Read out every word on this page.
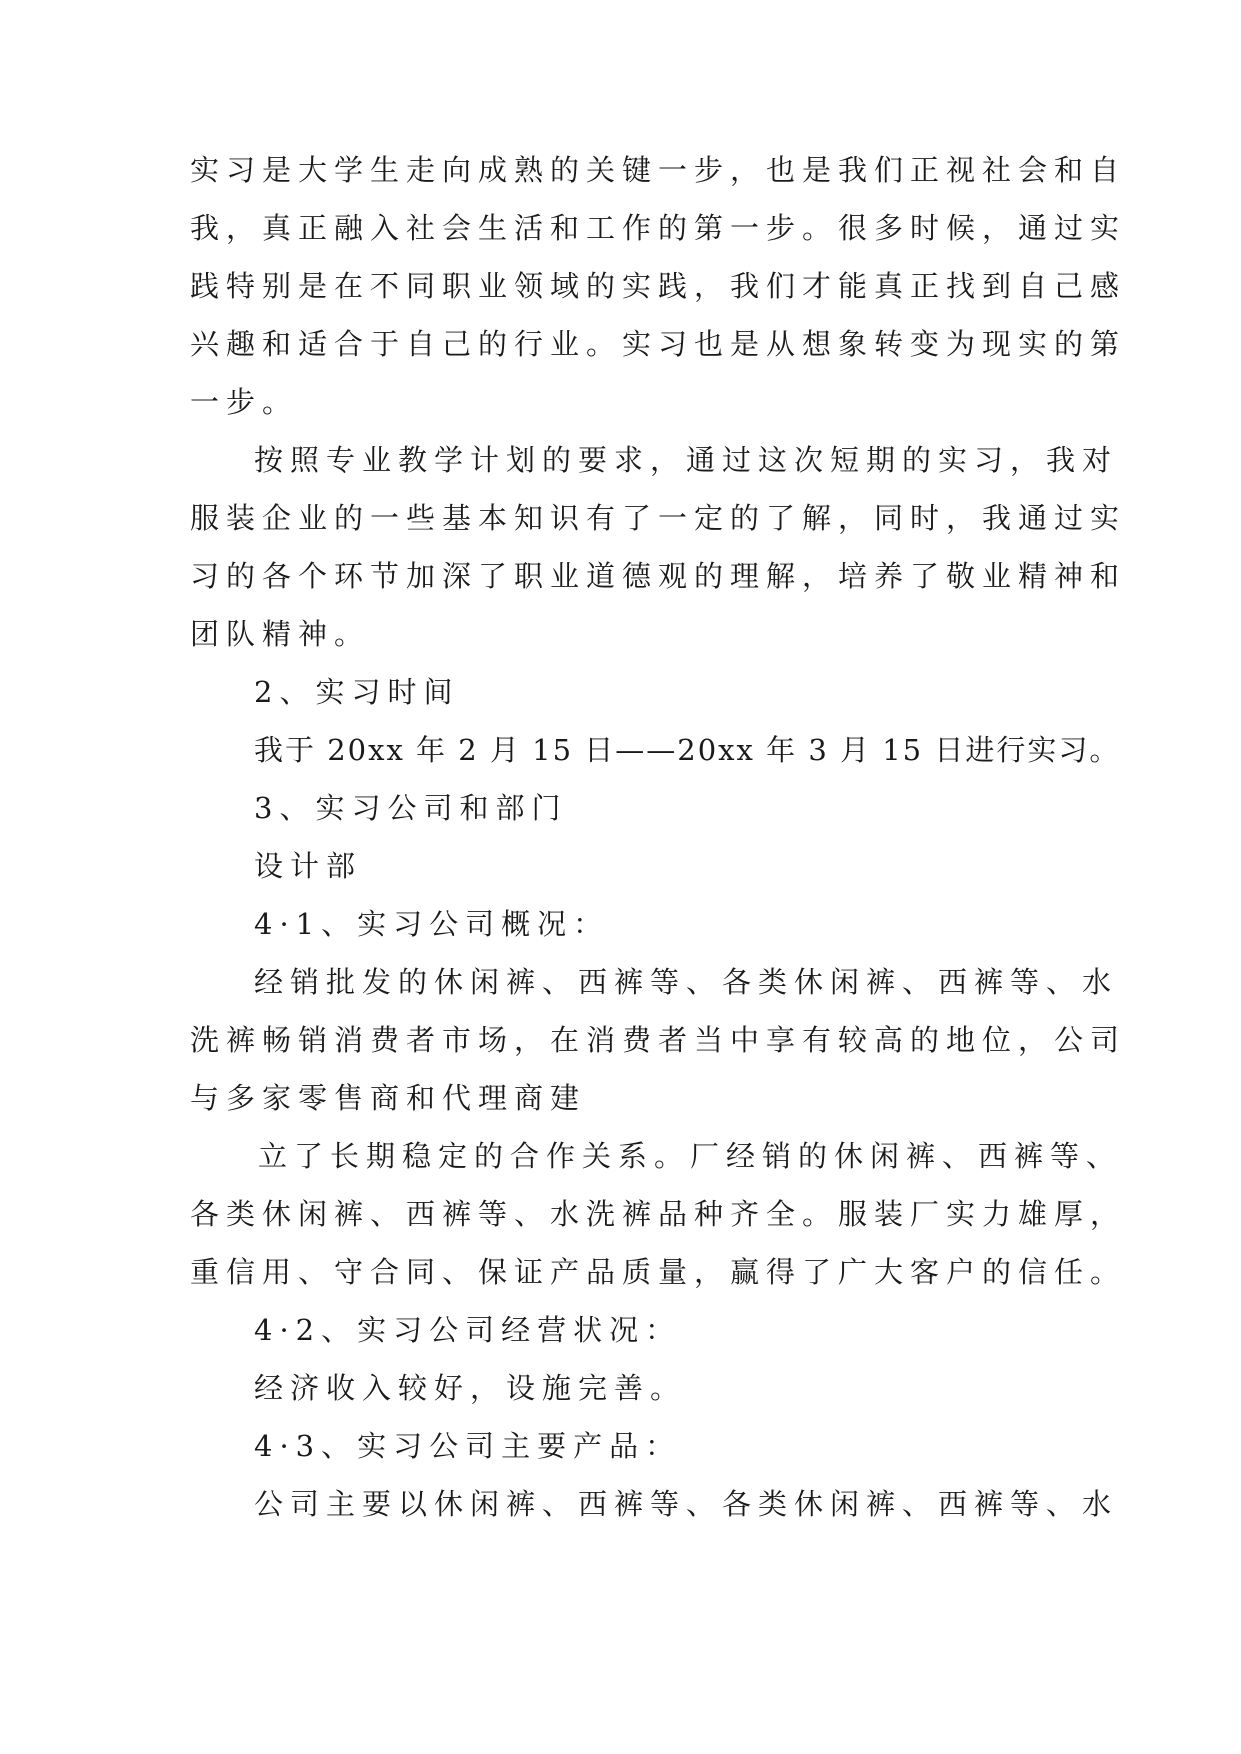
实习是大学生走向成熟的关键一步，也是我们正视社会和自
我，真正融入社会生活和工作的第一步。很多时候，通过实
践特别是在不同职业领域的实践，我们才能真正找到自己感
兴趣和适合于自己的行业。实习也是从想象转变为现实的第
一步。
按照专业教学计划的要求，通过这次短期的实习，我对
服装企业的一些基本知识有了一定的了解，同时，我通过实
习的各个环节加深了职业道德观的理解，培养了敬业精神和
团队精神。
2、实习时间
我于 20xx 年 2 月 15 日——20xx 年 3 月 15 日进行实习。
3、实习公司和部门
设计部
4·1、实习公司概况：
经销批发的休闲裤、西裤等、各类休闲裤、西裤等、水
洗裤畅销消费者市场，在消费者当中享有较高的地位，公司
与多家零售商和代理商建
立了长期稳定的合作关系。厂经销的休闲裤、西裤等、
各类休闲裤、西裤等、水洗裤品种齐全。服装厂实力雄厚，
重信用、守合同、保证产品质量，赢得了广大客户的信任。
4·2、实习公司经营状况：
经济收入较好，设施完善。
4·3、实习公司主要产品：
公司主要以休闲裤、西裤等、各类休闲裤、西裤等、水
